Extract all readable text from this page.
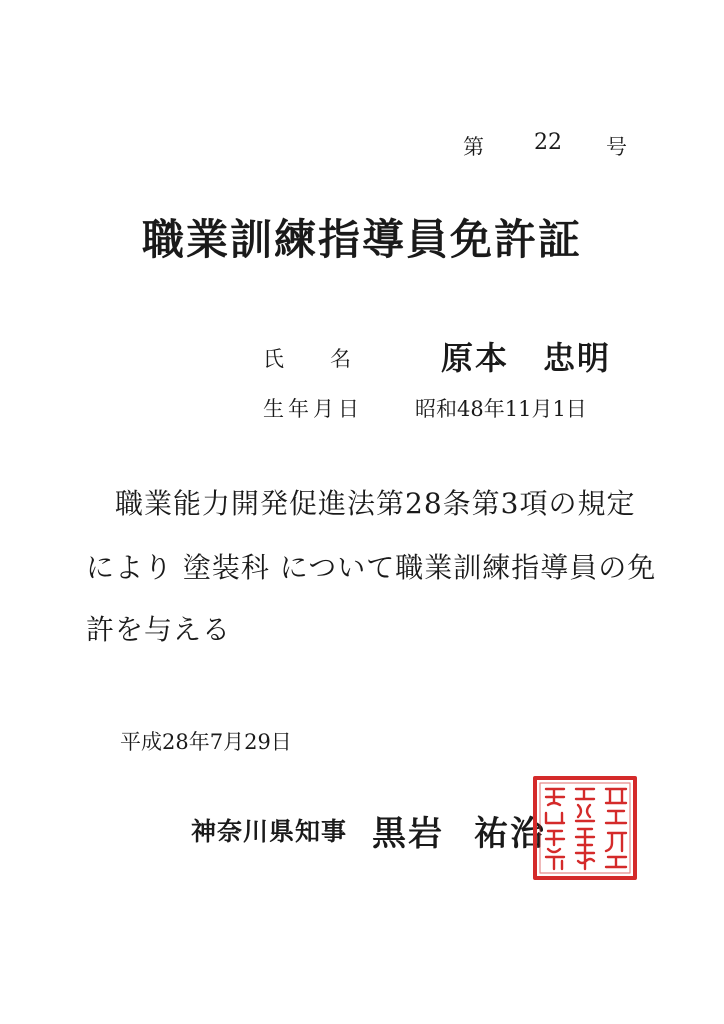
第 22 号
職業訓練指導員免許証
氏名 原本　忠明
生年月日 昭和48年11月1日
職業能力開発促進法第28条第3項の規定
により 塗装科 について職業訓練指導員の免
許を与える
平成28年7月29日
神奈川県知事 黒岩 祐治
